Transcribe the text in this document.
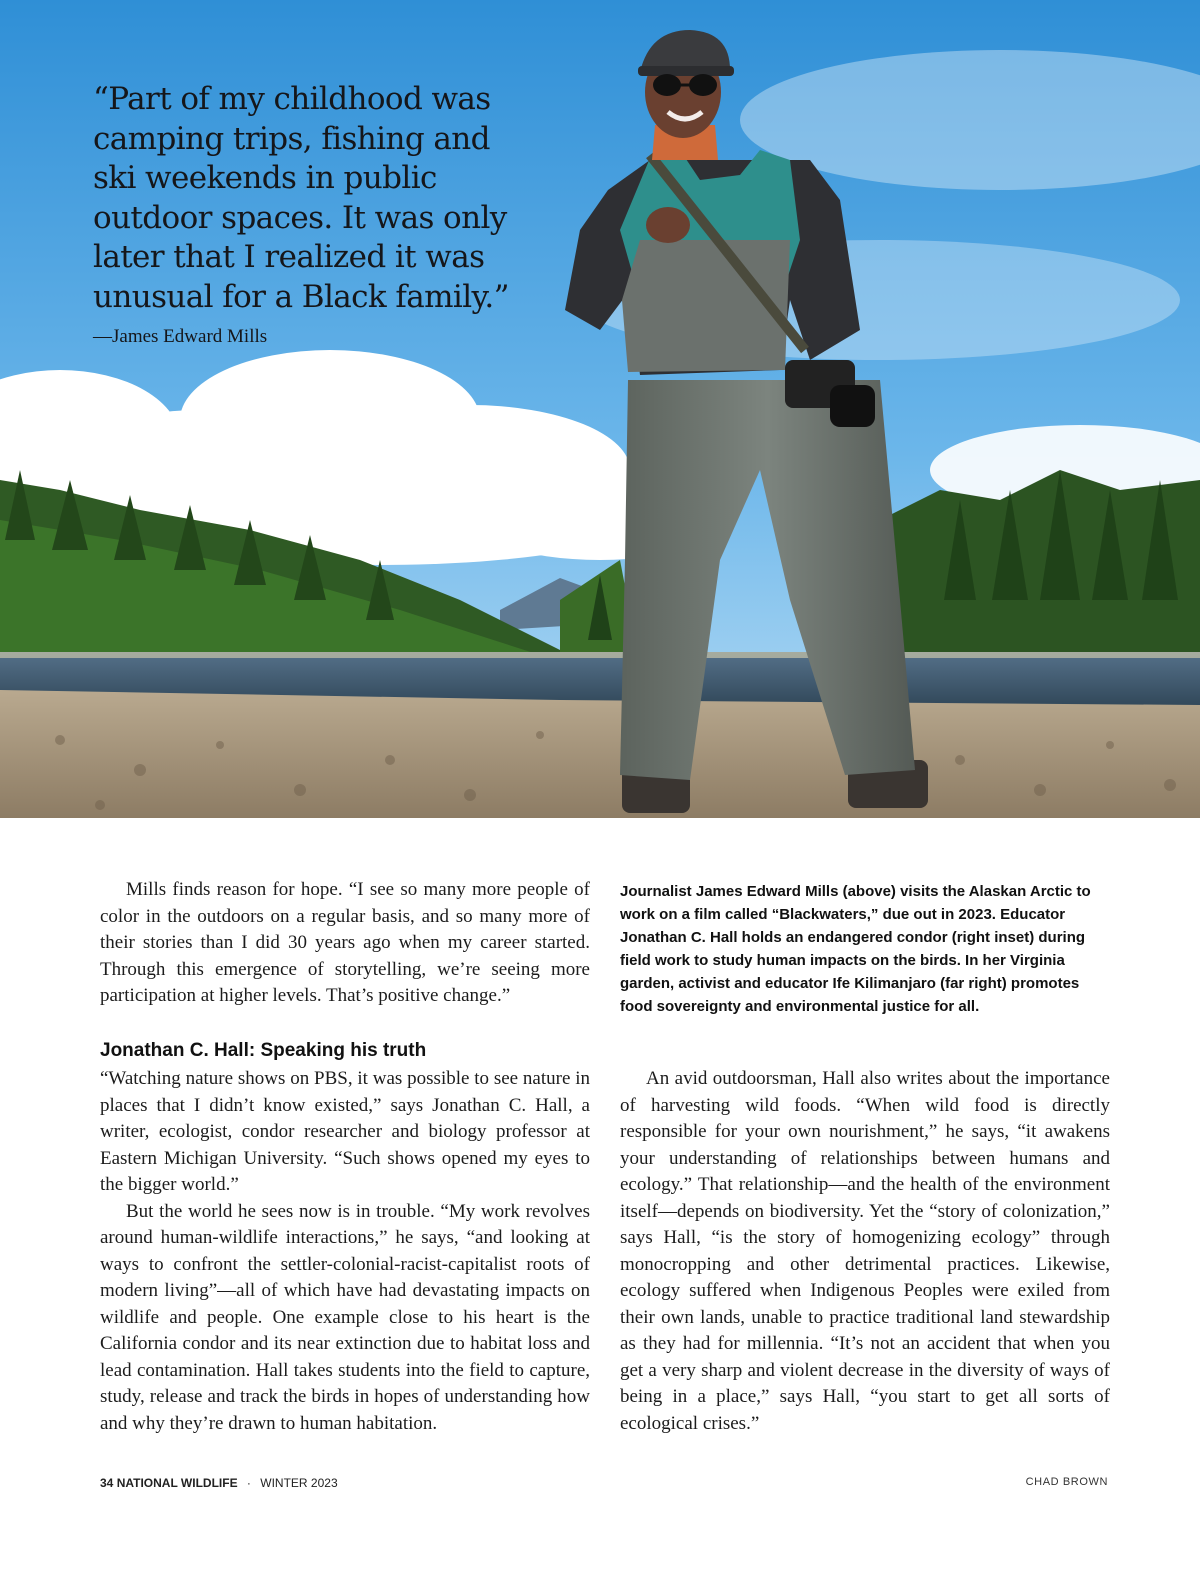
“Part of my childhood was camping trips, fishing and ski weekends in public outdoor spaces. It was only later that I realized it was unusual for a Black family.”
—James Edward Mills

Mills finds reason for hope. “I see so many more people of color in the outdoors on a regular basis, and so many more of their stories than I did 30 years ago when my career started. Through this emergence of storytelling, we’re seeing more participation at higher levels. That’s positive change.”

Jonathan C. Hall: Speaking his truth

“Watching nature shows on PBS, it was possible to see nature in places that I didn’t know existed,” says Jonathan C. Hall, a writer, ecologist, condor researcher and biology professor at Eastern Michigan University. “Such shows opened my eyes to the bigger world.”

But the world he sees now is in trouble. “My work revolves around human-wildlife interactions,” he says, “and looking at ways to confront the settler-colonial-racist-capitalist roots of modern living”—all of which have had devastating impacts on wildlife and people. One example close to his heart is the California condor and its near extinction due to habitat loss and lead contamination. Hall takes students into the field to capture, study, release and track the birds in hopes of understanding how and why they’re drawn to human habitation.

Journalist James Edward Mills (above) visits the Alaskan Arctic to work on a film called “Blackwaters,” due out in 2023. Educator Jonathan C. Hall holds an endangered condor (right inset) during field work to study human impacts on the birds. In her Virginia garden, activist and educator Ife Kilimanjaro (far right) promotes food sovereignty and environmental justice for all.

An avid outdoorsman, Hall also writes about the importance of harvesting wild foods. “When wild food is directly responsible for your own nourishment,” he says, “it awakens your understanding of relationships between humans and ecology.” That relationship—and the health of the environment itself—depends on biodiversity. Yet the “story of colonization,” says Hall, “is the story of homogenizing ecology” through monocropping and other detrimental practices. Likewise, ecology suffered when Indigenous Peoples were exiled from their own lands, unable to practice traditional land stewardship as they had for millennia. “It’s not an accident that when you get a very sharp and violent decrease in the diversity of ways of being in a place,” says Hall, “you start to get all sorts of ecological crises.”

34 NATIONAL WILDLIFE · WINTER 2023	CHAD BROWN
